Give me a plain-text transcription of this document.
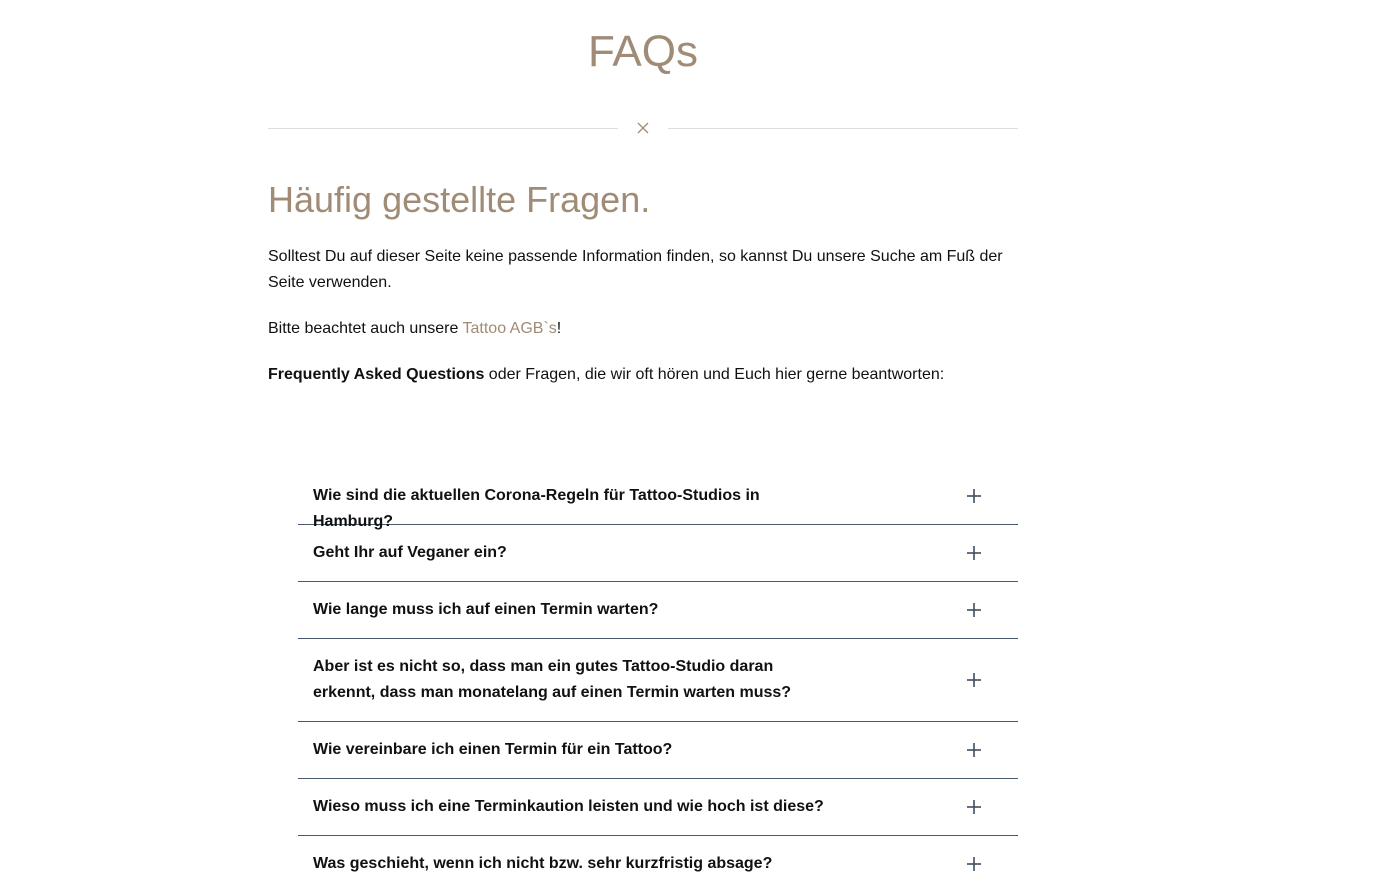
FAQs
Häufig gestellte Fragen.

Solltest Du auf dieser Seite keine passende Information finden, so kannst Du unsere Suche am Fuß der Seite verwenden.

Bitte beachtet auch unsere Tattoo AGB`s!

Frequently Asked Questions oder Fragen, die wir oft hören und Euch hier gerne beantworten:

Wie sind die aktuellen Corona-Regeln für Tattoo-Studios in Hamburg?
Geht Ihr auf Veganer ein?
Wie lange muss ich auf einen Termin warten?
Aber ist es nicht so, dass man ein gutes Tattoo-Studio daran erkennt, dass man monatelang auf einen Termin warten muss?
Wie vereinbare ich einen Termin für ein Tattoo?
Wieso muss ich eine Terminkaution leisten und wie hoch ist diese?
Was geschieht, wenn ich nicht bzw. sehr kurzfristig absage?
